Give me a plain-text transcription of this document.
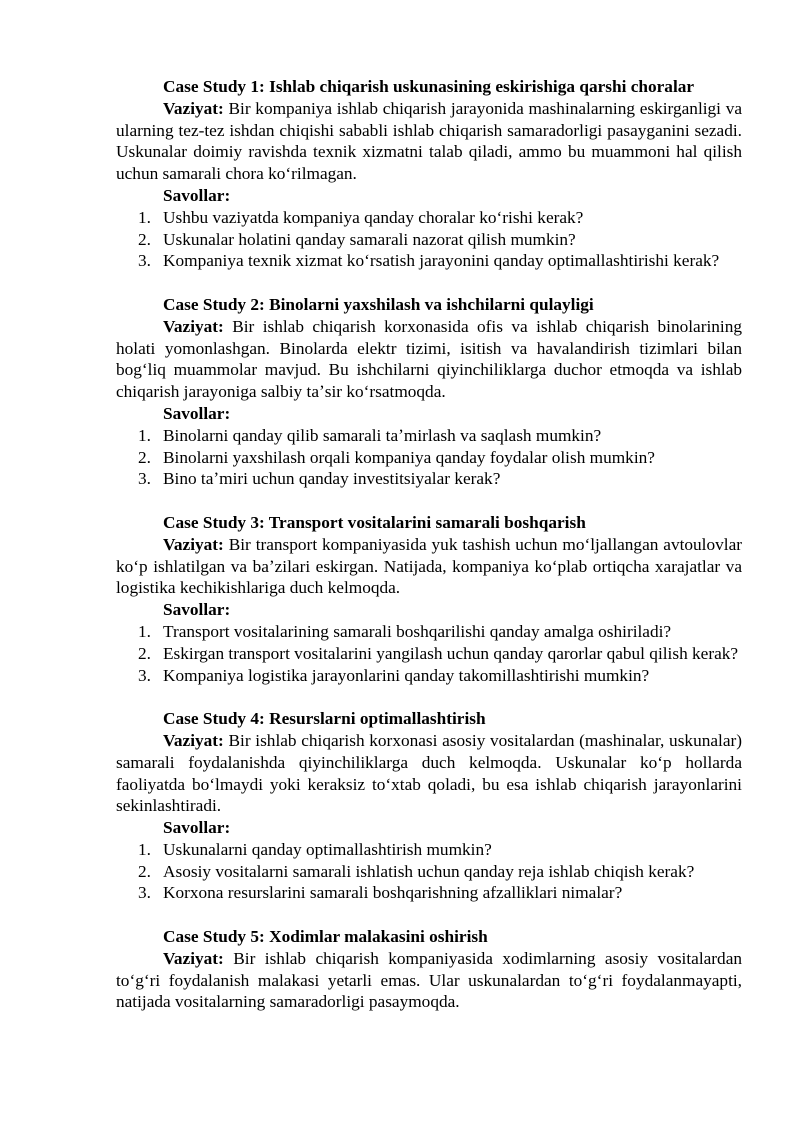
Case Study 1: Ishlab chiqarish uskunasining eskirishiga qarshi choralar

Vaziyat: Bir kompaniya ishlab chiqarish jarayonida mashinalarning eskirganligi va ularning tez-tez ishdan chiqishi sababli ishlab chiqarish samaradorligi pasayganini sezadi. Uskunalar doimiy ravishda texnik xizmatni talab qiladi, ammo bu muammoni hal qilish uchun samarali chora koʻrilmagan.

Savollar:

1. Ushbu vaziyatda kompaniya qanday choralar koʻrishi kerak?
2. Uskunalar holatini qanday samarali nazorat qilish mumkin?
3. Kompaniya texnik xizmat koʻrsatish jarayonini qanday optimallashtirishi kerak?

Case Study 2: Binolarni yaxshilash va ishchilarni qulayligi

Vaziyat: Bir ishlab chiqarish korxonasida ofis va ishlab chiqarish binolarining holati yomonlashgan. Binolarda elektr tizimi, isitish va havalandirish tizimlari bilan bogʻliq muammolar mavjud. Bu ishchilarni qiyinchiliklarga duchor etmoqda va ishlab chiqarish jarayoniga salbiy taʼsir koʻrsatmoqda.

Savollar:

1. Binolarni qanday qilib samarali taʼmirlash va saqlash mumkin?
2. Binolarni yaxshilash orqali kompaniya qanday foydalar olish mumkin?
3. Bino taʼmiri uchun qanday investitsiyalar kerak?

Case Study 3: Transport vositalarini samarali boshqarish

Vaziyat: Bir transport kompaniyasida yuk tashish uchun moʻljallangan avtoulovlar koʻp ishlatilgan va baʼzilari eskirgan. Natijada, kompaniya koʻplab ortiqcha xarajatlar va logistika kechikishlariga duch kelmoqda.

Savollar:

1. Transport vositalarining samarali boshqarilishi qanday amalga oshiriladi?
2. Eskirgan transport vositalarini yangilash uchun qanday qarorlar qabul qilish kerak?
3. Kompaniya logistika jarayonlarini qanday takomillashtirishi mumkin?

Case Study 4: Resurslarni optimallashtirish

Vaziyat: Bir ishlab chiqarish korxonasi asosiy vositalardan (mashinalar, uskunalar) samarali foydalanishda qiyinchiliklarga duch kelmoqda. Uskunalar koʻp hollarda faoliyatda boʻlmaydi yoki keraksiz toʻxtab qoladi, bu esa ishlab chiqarish jarayonlarini sekinlashtiradi.

Savollar:

1. Uskunalarni qanday optimallashtirish mumkin?
2. Asosiy vositalarni samarali ishlatish uchun qanday reja ishlab chiqish kerak?
3. Korxona resurslarini samarali boshqarishning afzalliklari nimalar?

Case Study 5: Xodimlar malakasini oshirish

Vaziyat: Bir ishlab chiqarish kompaniyasida xodimlarning asosiy vositalardan toʻgʻri foydalanish malakasi yetarli emas. Ular uskunalardan toʻgʻri foydalanmayapti, natijada vositalarning samaradorligi pasaymoqda.
